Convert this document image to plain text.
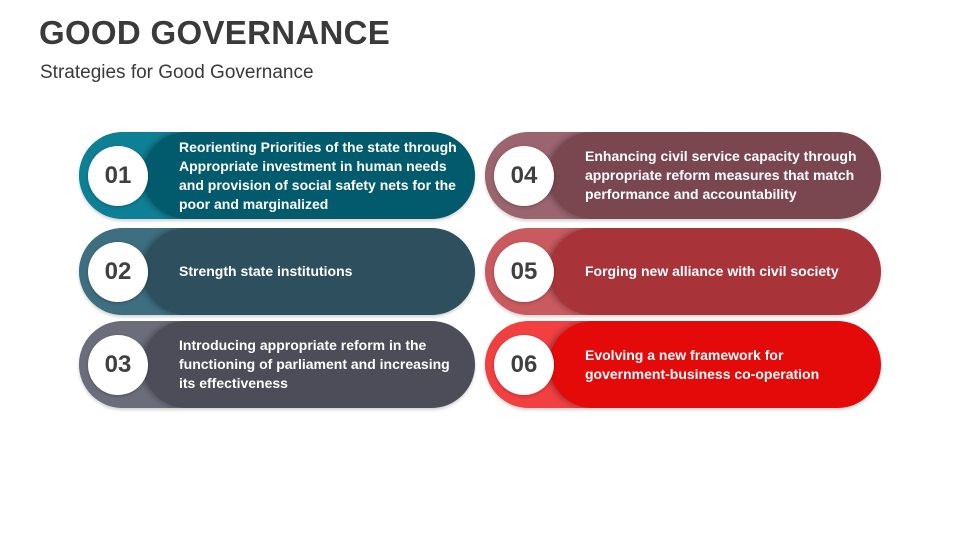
GOOD GOVERNANCE
Strategies for Good Governance
01
Reorienting Priorities of the state through Appropriate investment in human needs and provision of social safety nets for the poor and marginalized
02	Strength state institutions
03
Introducing appropriate reform in the functioning of parliament and increasing its effectiveness
04
Enhancing civil service capacity through appropriate reform measures that match performance and accountability
05	Forging new alliance with civil society
06	Evolving a new framework for government-business co-operation
